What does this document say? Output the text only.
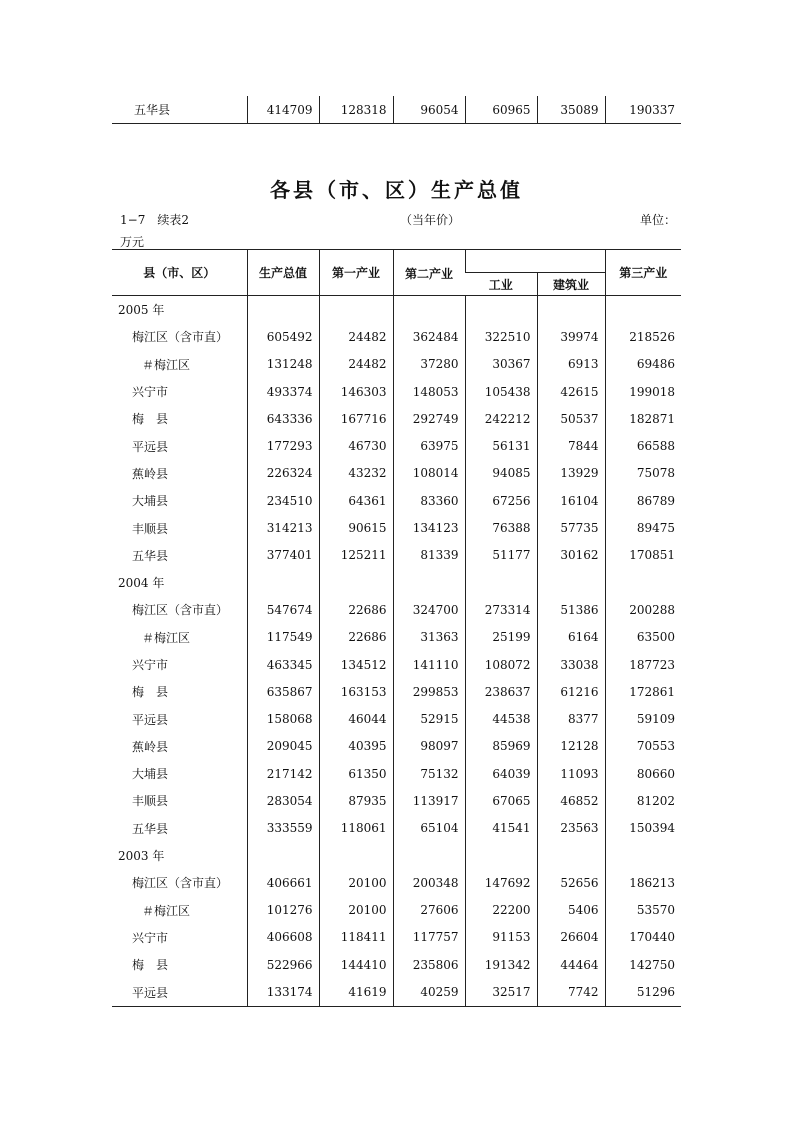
五华县	414709	128318	96054	60965	35089	190337
各县（市、区）生产总值
1−7　续表2	（当年价）	单位：
万元
县（市、区）	生产总值	第一产业	第二产业			第三产业
				工业	建筑业	
2005 年						
梅江区（含市直）	605492	24482	362484	322510	39974	218526
＃梅江区	131248	24482	37280	30367	6913	69486
兴宁市	493374	146303	148053	105438	42615	199018
梅　县	643336	167716	292749	242212	50537	182871
平远县	177293	46730	63975	56131	7844	66588
蕉岭县	226324	43232	108014	94085	13929	75078
大埔县	234510	64361	83360	67256	16104	86789
丰顺县	314213	90615	134123	76388	57735	89475
五华县	377401	125211	81339	51177	30162	170851
2004 年						
梅江区（含市直）	547674	22686	324700	273314	51386	200288
＃梅江区	117549	22686	31363	25199	6164	63500
兴宁市	463345	134512	141110	108072	33038	187723
梅　县	635867	163153	299853	238637	61216	172861
平远县	158068	46044	52915	44538	8377	59109
蕉岭县	209045	40395	98097	85969	12128	70553
大埔县	217142	61350	75132	64039	11093	80660
丰顺县	283054	87935	113917	67065	46852	81202
五华县	333559	118061	65104	41541	23563	150394
2003 年						
梅江区（含市直）	406661	20100	200348	147692	52656	186213
＃梅江区	101276	20100	27606	22200	5406	53570
兴宁市	406608	118411	117757	91153	26604	170440
梅　县	522966	144410	235806	191342	44464	142750
平远县	133174	41619	40259	32517	7742	51296
